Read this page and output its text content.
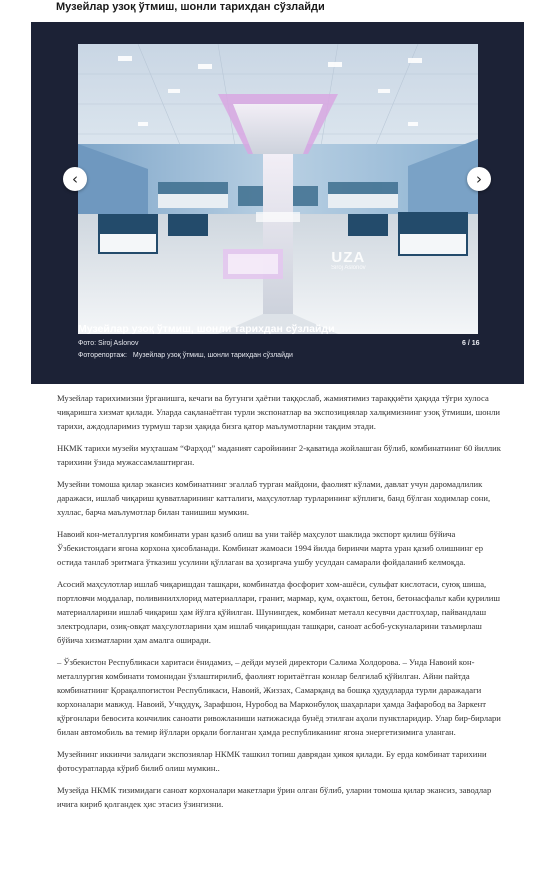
Музейлар узоқ ўтмиш, шонли тарихдан сўзлайди
UZA
Siroj Aslonov
‹	›
Музейлар узоқ ўтмиш, шонли тарихдан сўзлайди
Фото: Siroj Aslonov
Фоторепортаж: Музейлар узоқ ўтмиш, шонли тарихдан сўзлайди
6 / 16

Музейлар тарихимизни ўрганишга, кечаги ва бугунги ҳаётни таққослаб, жамиятимиз тараққиёти ҳақида тўғри хулоса чиқаришга хизмат қилади. Уларда сақланаётган турли экспонатлар ва экспозициялар халқимизнинг узоқ ўтмиши, шонли тарихи, аждодларимиз турмуш тарзи ҳақида бизга қатор маълумотларни тақдим этади.

НКМК тарихи музейи муҳташам “Фарҳод” маданият саройининг 2-қаватида жойлашган бўлиб, комбинатнинг 60 йиллик тарихини ўзида мужассамлаштирган.

Музейни томоша қилар экансиз комбинатнинг эгаллаб турган майдони, фаолият кўлами, давлат учун даромадлилик даражаси, ишлаб чиқариш қувватларининг катталиги, маҳсулотлар турларининг кўплиги, банд бўлган ходимлар сони, хуллас, барча маълумотлар билан танишиш мумкин.

Навоий кон-металлургия комбинати уран қазиб олиш ва уни тайёр маҳсулот шаклида экспорт қилиш бўйича Ўзбекистондаги ягона корхона ҳисобланади. Комбинат жамоаси 1994 йилда биринчи марта уран қазиб олишнинг ер остида танлаб эритмага ўтказиш усулини қўллаган ва ҳозиргача ушбу усулдан самарали фойдаланиб келмоқда.

Асосий маҳсулотлар ишлаб чиқаришдан ташқари, комбинатда фосфорит хом-ашёси, сульфат кислотаси, суюқ шиша, портловчи моддалар, поливинилхлорид материаллари, гранит, мармар, қум, оҳактош, бетон, бетонасфальт каби қурилиш материалларини ишлаб чиқариш ҳам йўлга қўйилган. Шунингдек, комбинат металл кесувчи дастгоҳлар, пайвандлаш электродлари, озиқ-овқат маҳсулотларини ҳам ишлаб чиқаришдан ташқари, саноат асбоб-ускуналарини таъмирлаш бўйича хизматларни ҳам амалга оширади.

– Ўзбекистон Республикаси харитаси ёнидамиз, – дейди музей директори Салима Холдорова. – Унда Навоий кон-металлургия комбинати томонидан ўзлаштирилиб, фаолият юритаётган конлар белгилаб қўйилган. Айни пайтда комбинатнинг Қорақалпоғистон Республикаси, Навоий, Жиззах, Самарқанд ва бошқа ҳудудларда турли даражадаги корхоналари мавжуд. Навоий, Учқудуқ, Зарафшон, Нуробод ва Марконбулоқ шаҳарлари ҳамда Зафаробод ва Заркент қўрғонлари бевосита кончилик саноати ривожланиши натижасида бунёд этилган аҳоли пунктларидир. Улар бир-бирлари билан автомобиль ва темир йўллари орқали боғланган ҳамда республиканинг ягона энергетизимига уланган.

Музейнинг иккинчи залидаги экспозиялар НКМК ташкил топиш даврядан ҳикоя қилади. Бу ерда комбинат тарихини фотосуратларда кўриб билиб олиш мумкин..

Музейда НКМК тизимидаги саноат корхоналари макетлари ўрин олган бўлиб, уларни томоша қилар экансиз, заводлар ичига кириб қолгандек ҳис этасиз ўзингизни.
